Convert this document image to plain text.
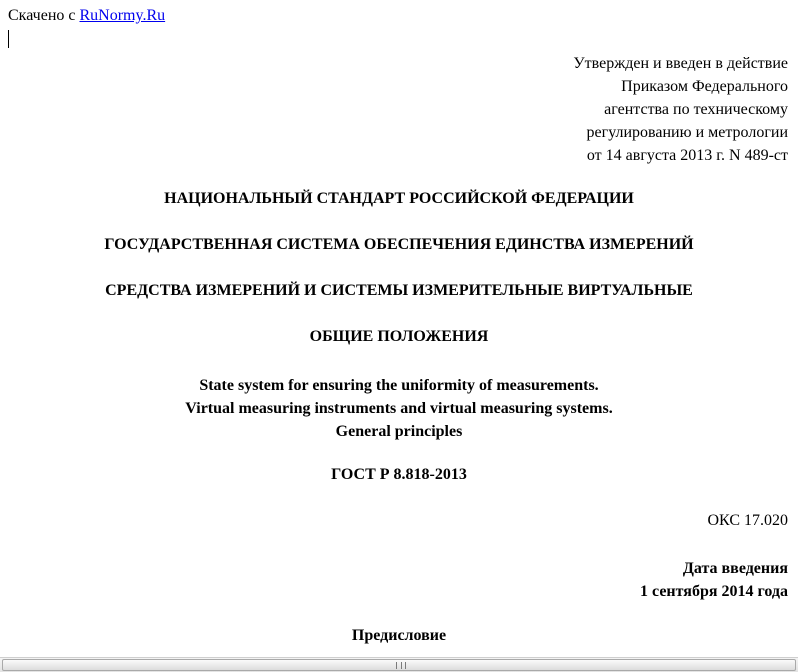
Скачено с RuNormy.Ru
Утвержден и введен в действие
Приказом Федерального
агентства по техническому
регулированию и метрологии
от 14 августа 2013 г. N 489-ст
НАЦИОНАЛЬНЫЙ СТАНДАРТ РОССИЙСКОЙ ФЕДЕРАЦИИ
ГОСУДАРСТВЕННАЯ СИСТЕМА ОБЕСПЕЧЕНИЯ ЕДИНСТВА ИЗМЕРЕНИЙ
СРЕДСТВА ИЗМЕРЕНИЙ И СИСТЕМЫ ИЗМЕРИТЕЛЬНЫЕ ВИРТУАЛЬНЫЕ
ОБЩИЕ ПОЛОЖЕНИЯ
State system for ensuring the uniformity of measurements.
Virtual measuring instruments and virtual measuring systems.
General principles
ГОСТ Р 8.818-2013
ОКС 17.020
Дата введения
1 сентября 2014 года
Предисловие
